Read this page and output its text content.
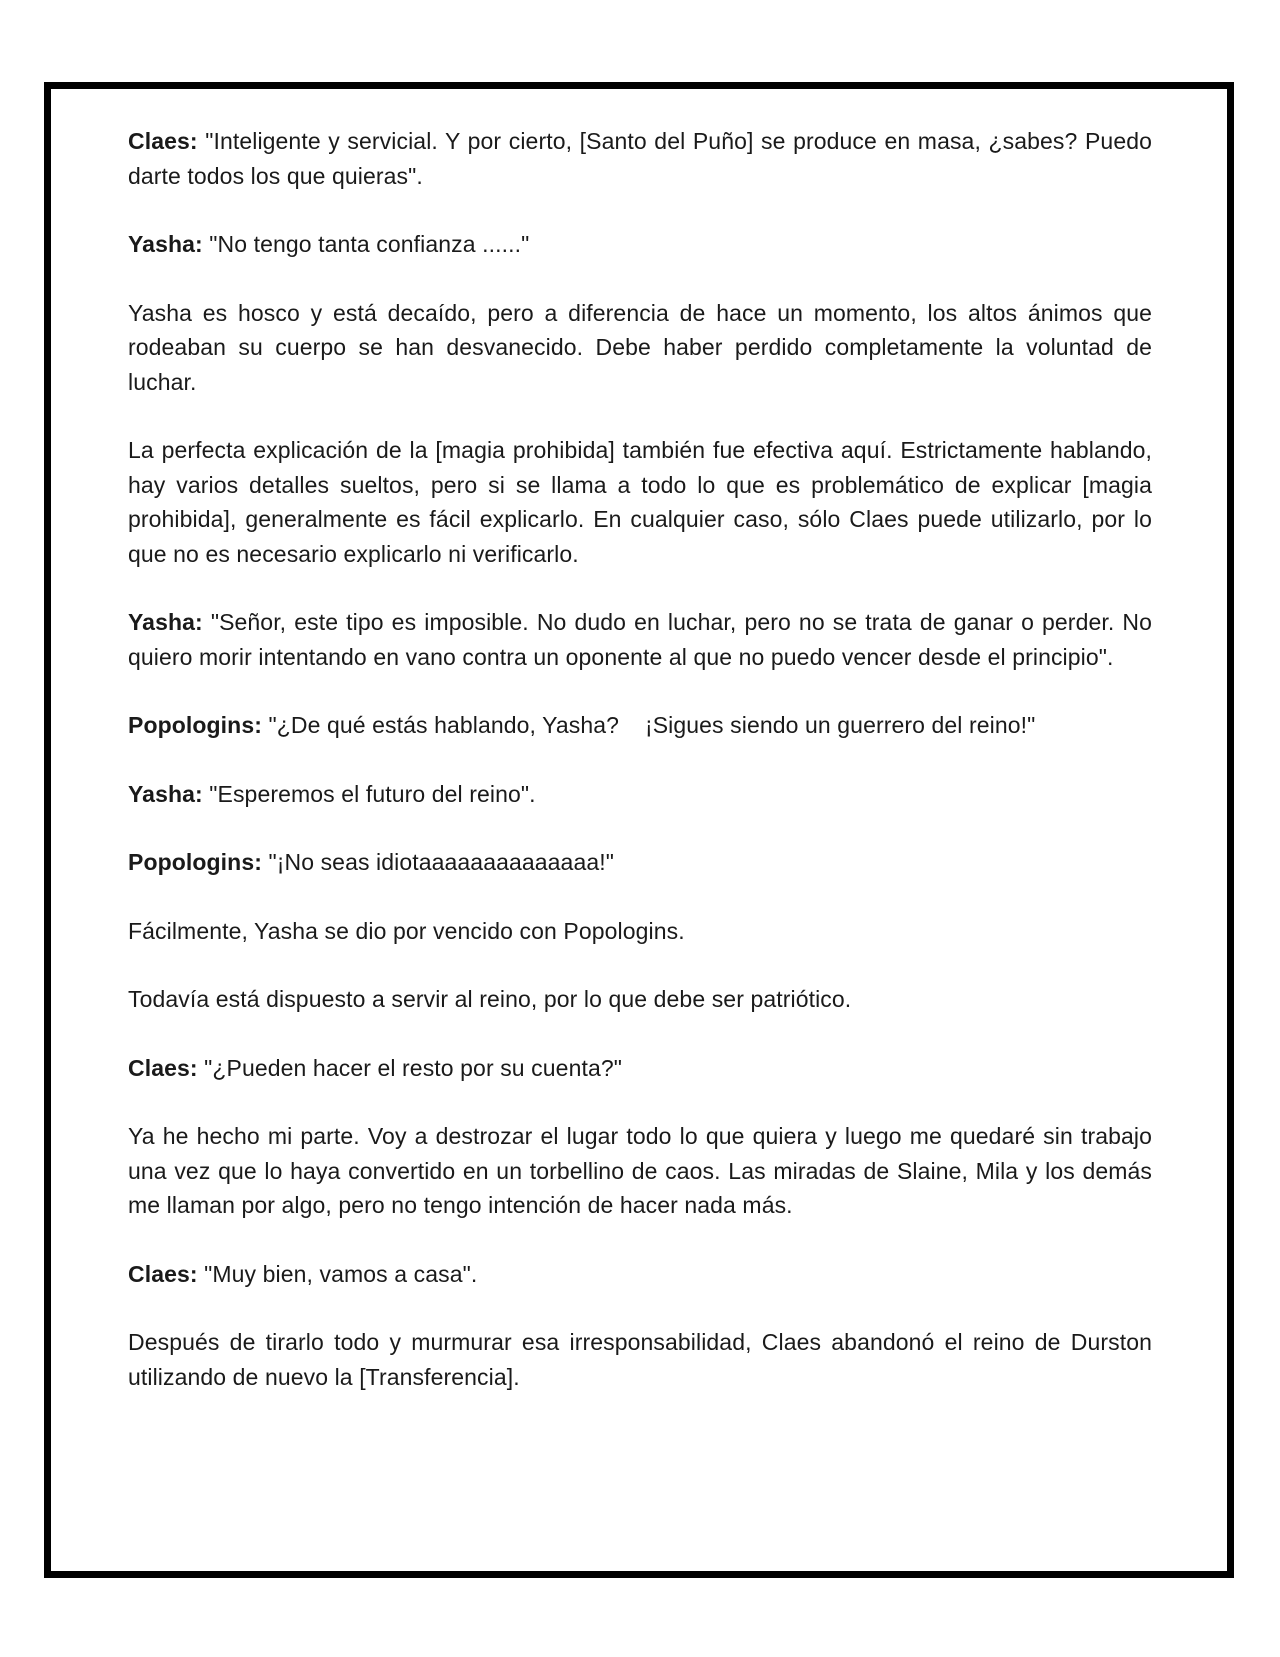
Claes: "Inteligente y servicial. Y por cierto, [Santo del Puño] se produce en masa, ¿sabes? Puedo darte todos los que quieras".

Yasha: "No tengo tanta confianza ......"

Yasha es hosco y está decaído, pero a diferencia de hace un momento, los altos ánimos que rodeaban su cuerpo se han desvanecido. Debe haber perdido completamente la voluntad de luchar.

La perfecta explicación de la [magia prohibida] también fue efectiva aquí. Estrictamente hablando, hay varios detalles sueltos, pero si se llama a todo lo que es problemático de explicar [magia prohibida], generalmente es fácil explicarlo. En cualquier caso, sólo Claes puede utilizarlo, por lo que no es necesario explicarlo ni verificarlo.

Yasha: "Señor, este tipo es imposible. No dudo en luchar, pero no se trata de ganar o perder. No quiero morir intentando en vano contra un oponente al que no puedo vencer desde el principio".

Popologins: "¿De qué estás hablando, Yasha?    ¡Sigues siendo un guerrero del reino!"

Yasha: "Esperemos el futuro del reino".

Popologins: "¡No seas idiotaaaaaaaaaaaaaa!"

Fácilmente, Yasha se dio por vencido con Popologins.

Todavía está dispuesto a servir al reino, por lo que debe ser patriótico.

Claes: "¿Pueden hacer el resto por su cuenta?"

Ya he hecho mi parte. Voy a destrozar el lugar todo lo que quiera y luego me quedaré sin trabajo una vez que lo haya convertido en un torbellino de caos. Las miradas de Slaine, Mila y los demás me llaman por algo, pero no tengo intención de hacer nada más.

Claes: "Muy bien, vamos a casa".

Después de tirarlo todo y murmurar esa irresponsabilidad, Claes abandonó el reino de Durston utilizando de nuevo la [Transferencia].
